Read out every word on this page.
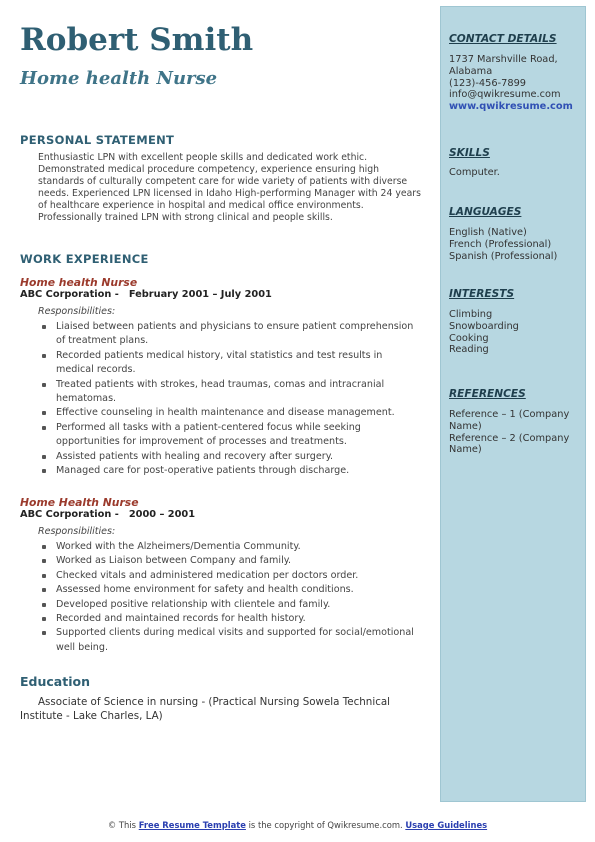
Robert Smith
Home health Nurse
PERSONAL STATEMENT

Enthusiastic LPN with excellent people skills and dedicated work ethic. Demonstrated medical procedure competency, experience ensuring high standards of culturally competent care for wide variety of patients with diverse needs. Experienced LPN licensed in Idaho High-performing Manager with 24 years of healthcare experience in hospital and medical office environments. Professionally trained LPN with strong clinical and people skills.

WORK EXPERIENCE
Home health Nurse
ABC Corporation - February 2001 – July 2001
Responsibilities:
Liaised between patients and physicians to ensure patient comprehension of treatment plans.
Recorded patients medical history, vital statistics and test results in medical records.
Treated patients with strokes, head traumas, comas and intracranial hematomas.
Effective counseling in health maintenance and disease management.
Performed all tasks with a patient-centered focus while seeking opportunities for improvement of processes and treatments.
Assisted patients with healing and recovery after surgery.
Managed care for post-operative patients through discharge.
Home Health Nurse
ABC Corporation - 2000 – 2001
Responsibilities:
Worked with the Alzheimers/Dementia Community.
Worked as Liaison between Company and family.
Checked vitals and administered medication per doctors order.
Assessed home environment for safety and health conditions.
Developed positive relationship with clientele and family.
Recorded and maintained records for health history.
Supported clients during medical visits and supported for social/emotional well being.
Education

Associate of Science in nursing - (Practical Nursing Sowela Technical Institute - Lake Charles, LA)

CONTACT DETAILS
1737 Marshville Road,
Alabama
(123)-456-7899
info@qwikresume.com
www.qwikresume.com
SKILLS
Computer.
LANGUAGES
English (Native)
French (Professional)
Spanish (Professional)
INTERESTS
Climbing
Snowboarding
Cooking
Reading
REFERENCES
Reference – 1 (Company Name)
Reference – 2 (Company Name)
© This Free Resume Template is the copyright of Qwikresume.com. Usage Guidelines
